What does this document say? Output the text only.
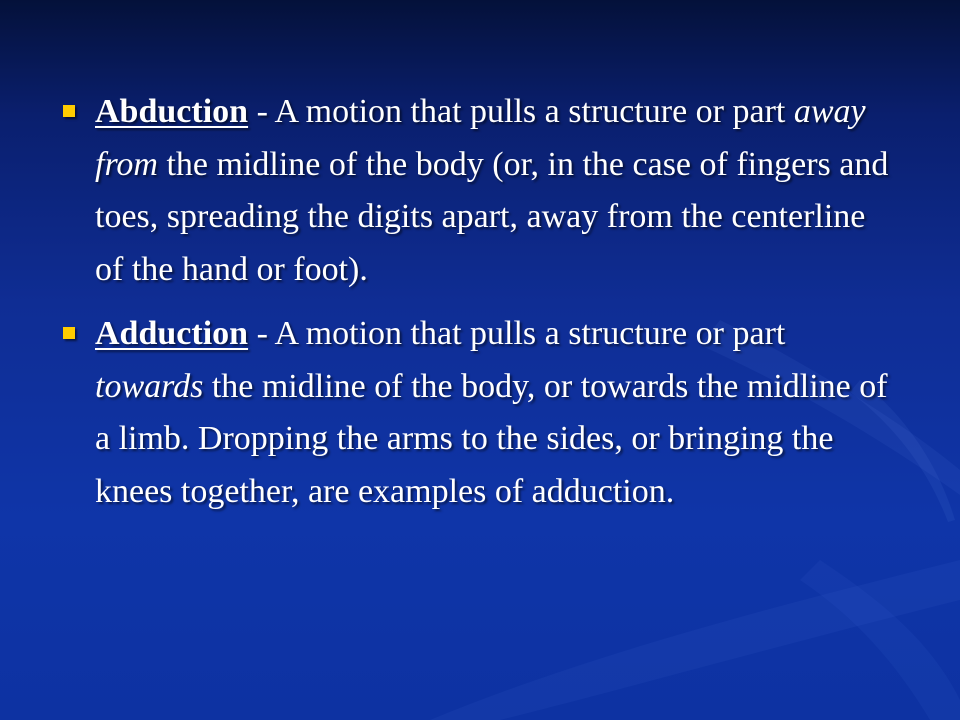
Abduction - A motion that pulls a structure or part away from the midline of the body (or, in the case of fingers and toes, spreading the digits apart, away from the centerline of the hand or foot).
Adduction - A motion that pulls a structure or part towards the midline of the body, or towards the midline of a limb. Dropping the arms to the sides, or bringing the knees together, are examples of adduction.
